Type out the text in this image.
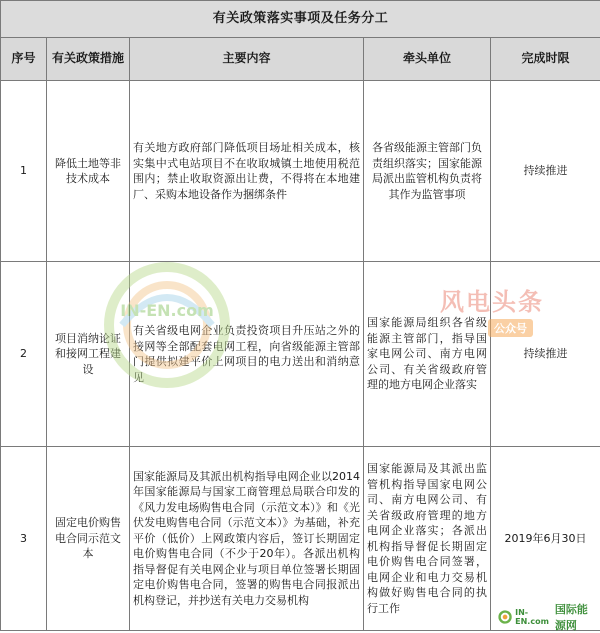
有关政策落实事项及任务分工				
序号	有关政策措施	主要内容	牵头单位	完成时限
1	降低土地等非技术成本	有关地方政府部门降低项目场址相关成本，核实集中式电站项目不在收取城镇土地使用税范围内；禁止收取资源出让费，不得将在本地建厂、采购本地设备作为捆绑条件	各省级能源主管部门负责组织落实；国家能源局派出监管机构负责将其作为监管事项	持续推进
2	项目消纳论证和接网工程建设	有关省级电网企业负责投资项目升压站之外的接网等全部配套电网工程，向省级能源主管部门提供拟建平价上网项目的电力送出和消纳意见	国家能源局组织各省级能源主管部门，指导国家电网公司、南方电网公司、有关省级政府管理的地方电网企业落实	持续推进
3	固定电价购售电合同示范文本	国家能源局及其派出机构指导电网企业以2014年国家能源局与国家工商管理总局联合印发的《风力发电场购售电合同（示范文本）》和《光伏发电购售电合同（示范文本）》为基础，补充平价（低价）上网政策内容后，签订长期固定电价购售电合同（不少于20年）。各派出机构指导督促有关电网企业与项目单位签署长期固定电价购售电合同，签署的购售电合同报派出机构登记，并抄送有关电力交易机构	国家能源局及其派出监管机构指导国家电网公司、南方电网公司、有关省级政府管理的地方电网企业落实；各派出机构指导督促长期固定电价购售电合同签署，电网企业和电力交易机构做好购售电合同的执行工作	2019年6月30日
IN-EN.com	风电头条
公众号
IN-EN.com
国际能源网
